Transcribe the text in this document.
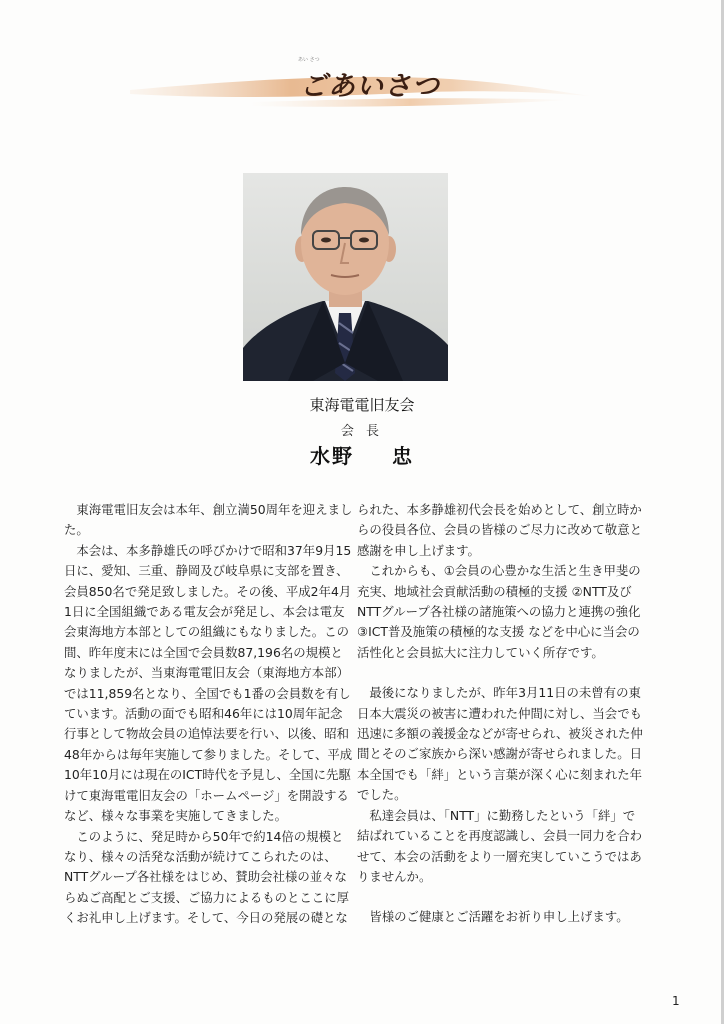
あい さつ
ごあいさつ
東海電電旧友会
会 長
水野 忠

東海電電旧友会は本年、創立満50周年を迎えました。

本会は、本多静雄氏の呼びかけで昭和37年9月15日に、愛知、三重、静岡及び岐阜県に支部を置き、会員850名で発足致しました。その後、平成2年4月1日に全国組織である電友会が発足し、本会は電友会東海地方本部としての組織にもなりました。この間、昨年度末には全国で会員数87,196名の規模となりましたが、当東海電電旧友会（東海地方本部）では11,859名となり、全国でも1番の会員数を有しています。活動の面でも昭和46年には10周年記念行事として物故会員の追悼法要を行い、以後、昭和48年からは毎年実施して参りました。そして、平成10年10月には現在のICT時代を予見し、全国に先駆けて東海電電旧友会の「ホームページ」を開設するなど、様々な事業を実施してきました。

このように、発足時から50年で約14倍の規模となり、様々の活発な活動が続けてこられたのは、NTTグループ各社様をはじめ、賛助会社様の並々ならぬご高配とご支援、ご協力によるものとここに厚くお礼申し上げます。そして、今日の発展の礎とな

られた、本多静雄初代会長を始めとして、創立時からの役員各位、会員の皆様のご尽力に改めて敬意と感謝を申し上げます。

これからも、①会員の心豊かな生活と生き甲斐の充実、地域社会貢献活動の積極的支援 ②NTT及びNTTグループ各社様の諸施策への協力と連携の強化 ③ICT普及施策の積極的な支援 などを中心に当会の活性化と会員拡大に注力していく所存です。

最後になりましたが、昨年3月11日の未曾有の東日本大震災の被害に遭われた仲間に対し、当会でも迅速に多額の義援金などが寄せられ、被災された仲間とそのご家族から深い感謝が寄せられました。日本全国でも「絆」という言葉が深く心に刻まれた年でした。

私達会員は、「NTT」に勤務したという「絆」で結ばれていることを再度認識し、会員一同力を合わせて、本会の活動をより一層充実していこうではありませんか。

皆様のご健康とご活躍をお祈り申し上げます。

1
